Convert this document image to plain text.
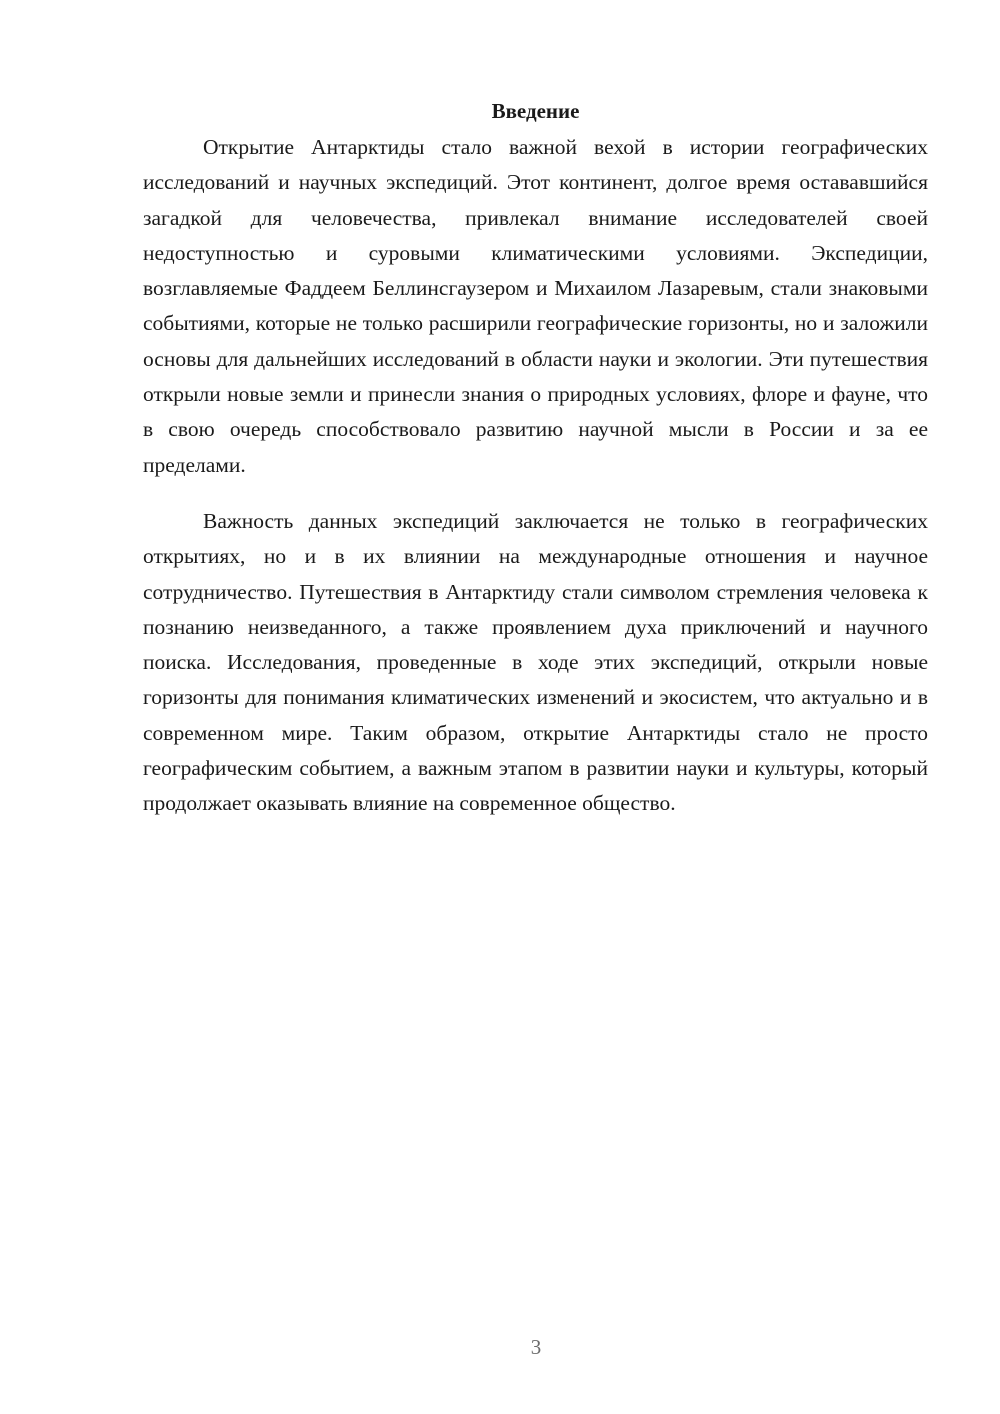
Введение

Открытие Антарктиды стало важной вехой в истории географических исследований и научных экспедиций. Этот континент, долгое время остававшийся загадкой для человечества, привлекал внимание исследователей своей недоступностью и суровыми климатическими условиями. Экспедиции, возглавляемые Фаддеем Беллинсгаузером и Михаилом Лазаревым, стали знаковыми событиями, которые не только расширили географические горизонты, но и заложили основы для дальнейших исследований в области науки и экологии. Эти путешествия открыли новые земли и принесли знания о природных условиях, флоре и фауне, что в свою очередь способствовало развитию научной мысли в России и за ее пределами.

Важность данных экспедиций заключается не только в географических открытиях, но и в их влиянии на международные отношения и научное сотрудничество. Путешествия в Антарктиду стали символом стремления человека к познанию неизведанного, а также проявлением духа приключений и научного поиска. Исследования, проведенные в ходе этих экспедиций, открыли новые горизонты для понимания климатических изменений и экосистем, что актуально и в современном мире. Таким образом, открытие Антарктиды стало не просто географическим событием, а важным этапом в развитии науки и культуры, который продолжает оказывать влияние на современное общество.

3
